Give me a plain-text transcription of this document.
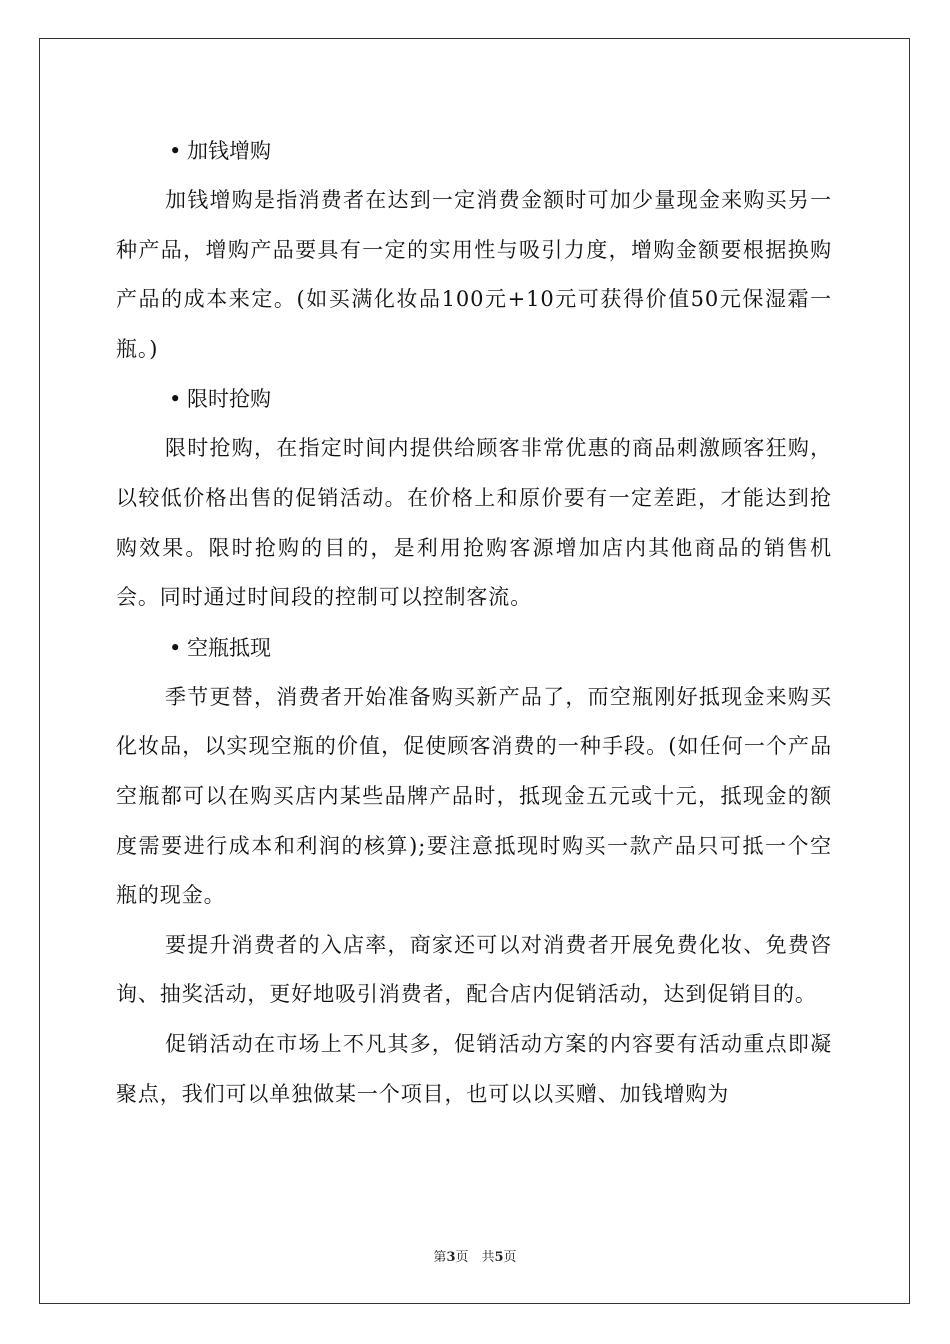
• 加钱增购

加钱增购是指消费者在达到一定消费金额时可加少量现金来购买另一种产品，增购产品要具有一定的实用性与吸引力度，增购金额要根据换购产品的成本来定。(如买满化妆品100元+10元可获得价值50元保湿霜一瓶。)

• 限时抢购

限时抢购，在指定时间内提供给顾客非常优惠的商品刺激顾客狂购，以较低价格出售的促销活动。在价格上和原价要有一定差距，才能达到抢购效果。限时抢购的目的，是利用抢购客源增加店内其他商品的销售机会。同时通过时间段的控制可以控制客流。

• 空瓶抵现

季节更替，消费者开始准备购买新产品了，而空瓶刚好抵现金来购买化妆品，以实现空瓶的价值，促使顾客消费的一种手段。(如任何一个产品空瓶都可以在购买店内某些品牌产品时，抵现金五元或十元，抵现金的额度需要进行成本和利润的核算);要注意抵现时购买一款产品只可抵一个空瓶的现金。

要提升消费者的入店率，商家还可以对消费者开展免费化妆、免费咨询、抽奖活动，更好地吸引消费者，配合店内促销活动，达到促销目的。

促销活动在市场上不凡其多，促销活动方案的内容要有活动重点即凝聚点，我们可以单独做某一个项目，也可以以买赠、加钱增购为

第3页　共5页
